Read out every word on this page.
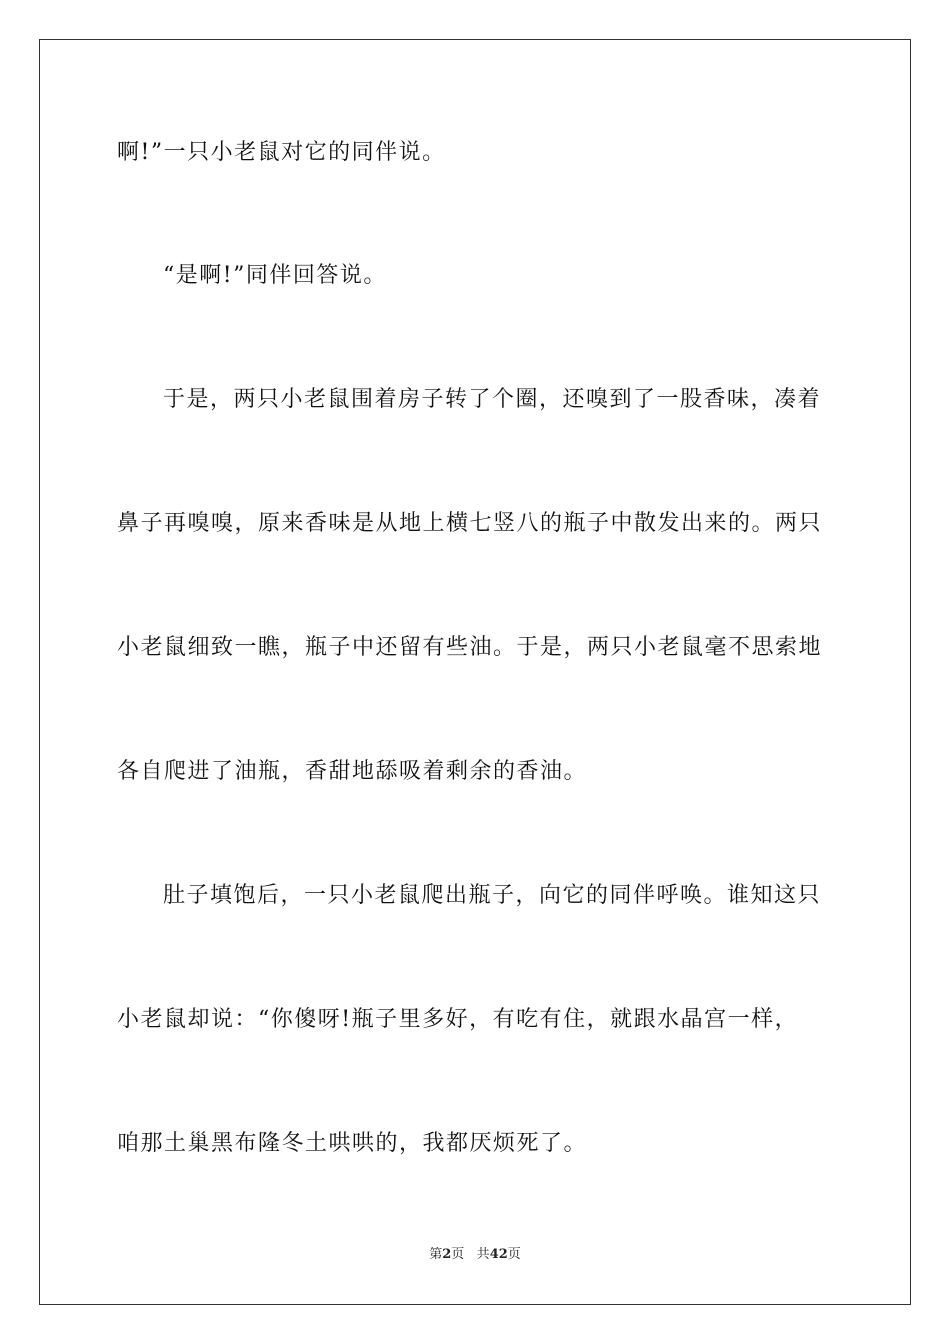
啊!”一只小老鼠对它的同伴说。
“是啊!”同伴回答说。
于是，两只小老鼠围着房子转了个圈，还嗅到了一股香味，凑着
鼻子再嗅嗅，原来香味是从地上横七竖八的瓶子中散发出来的。两只
小老鼠细致一瞧，瓶子中还留有些油。于是，两只小老鼠毫不思索地
各自爬进了油瓶，香甜地舔吸着剩余的香油。
肚子填饱后，一只小老鼠爬出瓶子，向它的同伴呼唤。谁知这只
小老鼠却说：“你傻呀!瓶子里多好，有吃有住，就跟水晶宫一样，
咱那土巢黑布隆冬土哄哄的，我都厌烦死了。
第2页 共42页
